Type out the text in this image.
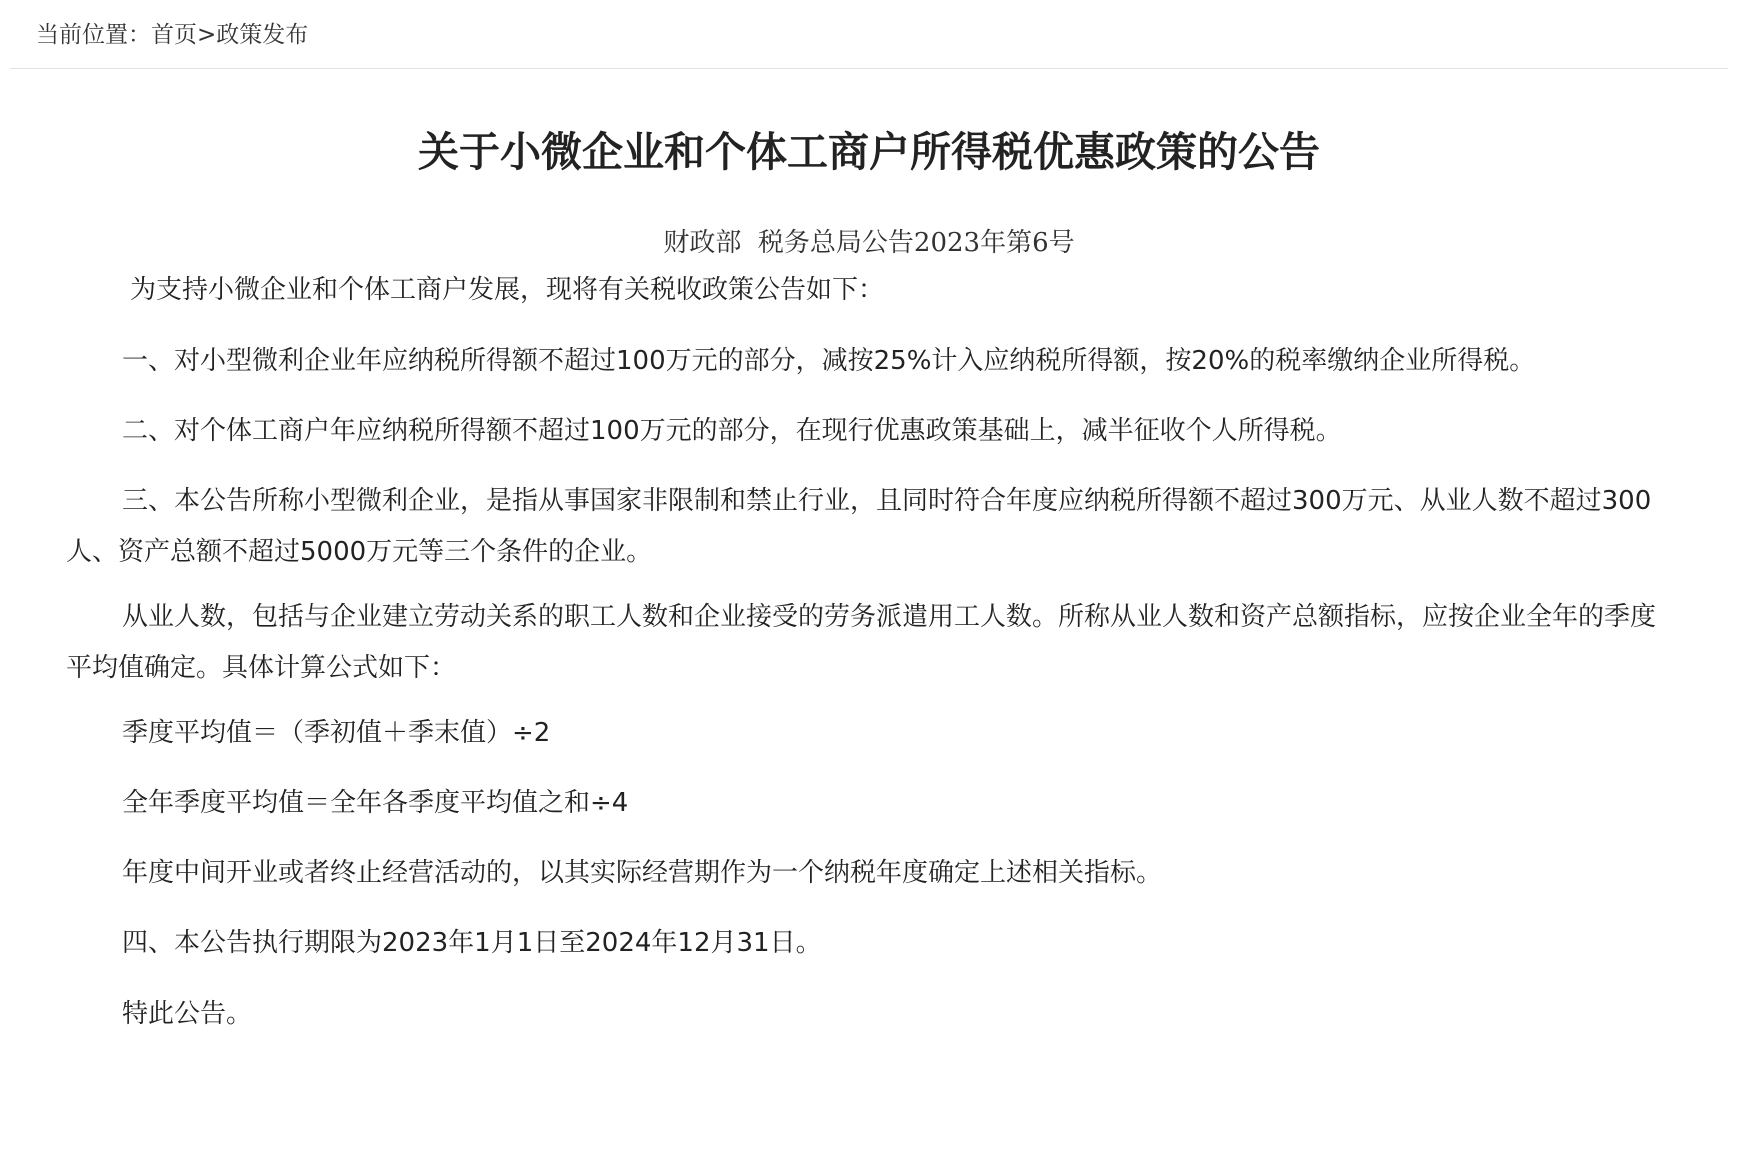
当前位置：首页>政策发布
关于小微企业和个体工商户所得税优惠政策的公告
财政部  税务总局公告2023年第6号

为支持小微企业和个体工商户发展，现将有关税收政策公告如下：

一、对小型微利企业年应纳税所得额不超过100万元的部分，减按25%计入应纳税所得额，按20%的税率缴纳企业所得税。

二、对个体工商户年应纳税所得额不超过100万元的部分，在现行优惠政策基础上，减半征收个人所得税。

三、本公告所称小型微利企业，是指从事国家非限制和禁止行业，且同时符合年度应纳税所得额不超过300万元、从业人数不超过300人、资产总额不超过5000万元等三个条件的企业。

从业人数，包括与企业建立劳动关系的职工人数和企业接受的劳务派遣用工人数。所称从业人数和资产总额指标，应按企业全年的季度平均值确定。具体计算公式如下：

季度平均值＝（季初值＋季末值）÷2

全年季度平均值＝全年各季度平均值之和÷4

年度中间开业或者终止经营活动的，以其实际经营期作为一个纳税年度确定上述相关指标。

四、本公告执行期限为2023年1月1日至2024年12月31日。

特此公告。
